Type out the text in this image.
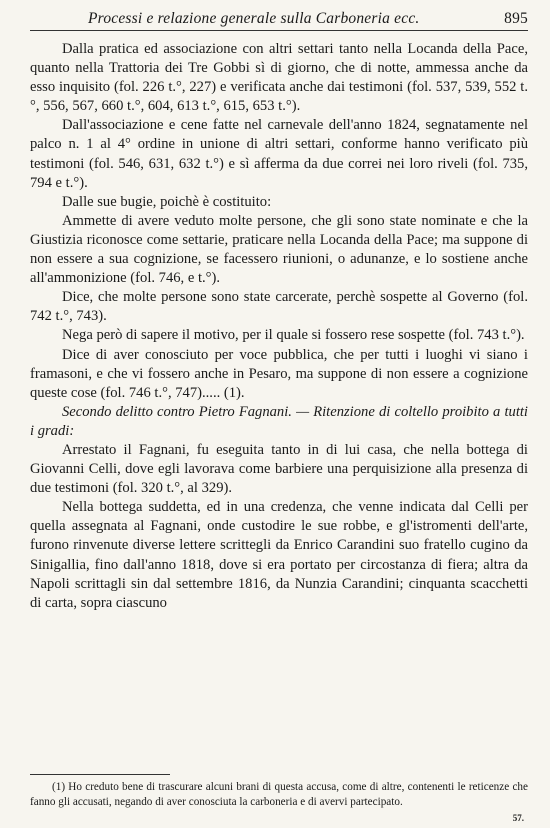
Processi e relazione generale sulla Carboneria ecc.	895

Dalla pratica ed associazione con altri settari tanto nella Locanda della Pace, quanto nella Trattoria dei Tre Gobbi sì di giorno, che di notte, ammessa anche da esso inquisito (fol. 226 t.°, 227) e verificata anche dai testimoni (fol. 537, 539, 552 t.°, 556, 567, 660 t.°, 604, 613 t.°, 615, 653 t.°).

Dall'associazione e cene fatte nel carnevale dell'anno 1824, segnatamente nel palco n. 1 al 4° ordine in unione di altri settari, conforme hanno verificato più testimoni (fol. 546, 631, 632 t.°) e sì afferma da due correi nei loro riveli (fol. 735, 794 e t.°).

Dalle sue bugie, poichè è costituito:

Ammette di avere veduto molte persone, che gli sono state nominate e che la Giustizia riconosce come settarie, praticare nella Locanda della Pace; ma suppone di non essere a sua cognizione, se facessero riunioni, o adunanze, e lo sostiene anche all'ammonizione (fol. 746, e t.°).

Dice, che molte persone sono state carcerate, perchè sospette al Governo (fol. 742 t.°, 743).

Nega però di sapere il motivo, per il quale si fossero rese sospette (fol. 743 t.°).

Dice di aver conosciuto per voce pubblica, che per tutti i luoghi vi siano i framasoni, e che vi fossero anche in Pesaro, ma suppone di non essere a cognizione queste cose (fol. 746 t.°, 747)..... (1).

Secondo delitto contro Pietro Fagnani. — Ritenzione di coltello proibito a tutti i gradi:

Arrestato il Fagnani, fu eseguita tanto in di lui casa, che nella bottega di Giovanni Celli, dove egli lavorava come barbiere una perquisizione alla presenza di due testimoni (fol. 320 t.°, al 329).

Nella bottega suddetta, ed in una credenza, che venne indicata dal Celli per quella assegnata al Fagnani, onde custodire le sue robbe, e gl'istromenti dell'arte, furono rinvenute diverse lettere scrittegli da Enrico Carandini suo fratello cugino da Sinigallia, fino dall'anno 1818, dove si era portato per circostanza di fiera; altra da Napoli scrittagli sin dal settembre 1816, da Nunzia Carandini; cinquanta scacchetti di carta, sopra ciascuno

(1) Ho creduto bene di trascurare alcuni brani di questa accusa, come di altre, contenenti le reticenze che fanno gli accusati, negando di aver conosciuta la carboneria e di avervi partecipato.
57.
